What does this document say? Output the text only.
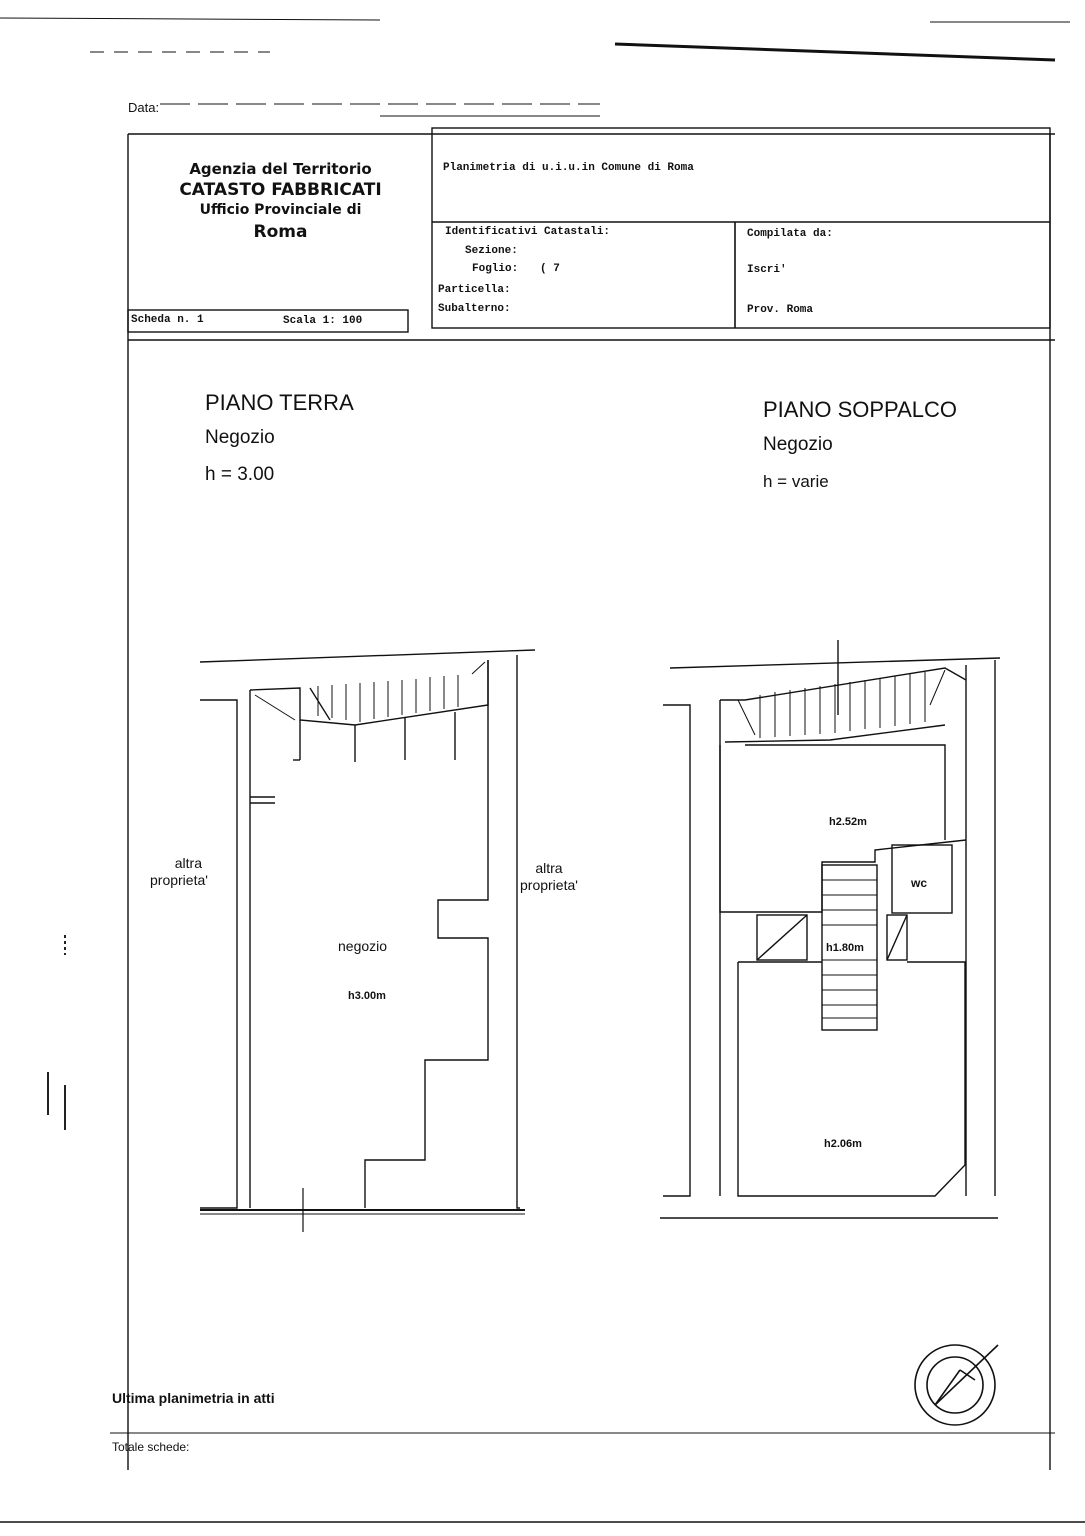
Data:
Agenzia del Territorio
CATASTO FABBRICATI
Ufficio Provinciale di
Roma
Planimetria di u.i.u.in Comune di Roma
Identificativi Catastali:
Sezione:
Foglio: ( 7
Particella:
Subalterno:
Compilata da:
Iscri'
Prov. Roma
Scheda n. 1	Scala 1: 100
PIANO TERRA
Negozio
h = 3.00
PIANO SOPPALCO
Negozio
h = varie
altra
proprieta'
altra
proprieta'
negozio
h3.00m
h2.52m
wc
h1.80m
h2.06m
Ultima planimetria in atti
Totale schede:
